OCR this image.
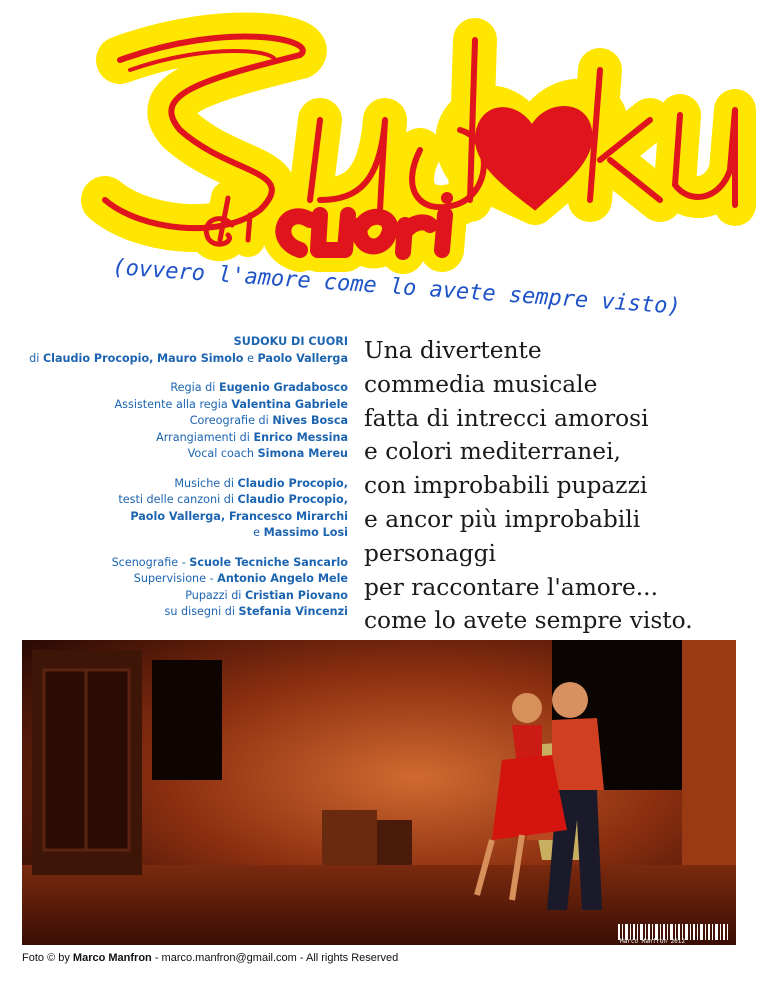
(ovvero l'amore come lo avete sempre visto)
SUDOKU DI CUORI
di Claudio Procopio, Mauro Simolo e Paolo Vallerga
Regia di Eugenio Gradabosco
Assistente alla regia Valentina Gabriele
Coreografie di Nives Bosca
Arrangiamenti di Enrico Messina
Vocal coach Simona Mereu
Musiche di Claudio Procopio,
testi delle canzoni di Claudio Procopio,
Paolo Vallerga, Francesco Mirarchi
e Massimo Losi
Scenografie - Scuole Tecniche Sancarlo
Supervisione - Antonio Angelo Mele
Pupazzi di Cristian Piovano
su disegni di Stefania Vincenzi
Una divertente
commedia musicale
fatta di intrecci amorosi
e colori mediterranei,
con improbabili pupazzi
e ancor più improbabili
personaggi
per raccontare l'amore...
come lo avete sempre visto.
Marco Manfron 2012
Foto © by Marco Manfron - marco.manfron@gmail.com - All rights Reserved
